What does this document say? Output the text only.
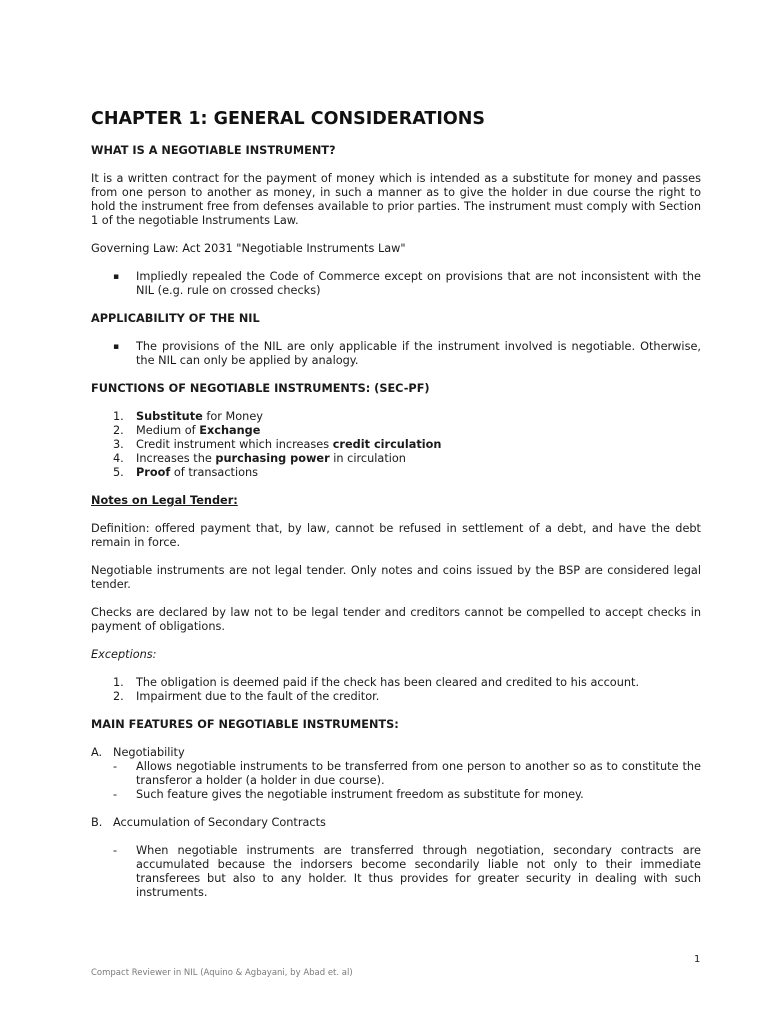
CHAPTER 1: GENERAL CONSIDERATIONS
WHAT IS A NEGOTIABLE INSTRUMENT?

It is a written contract for the payment of money which is intended as a substitute for money and passes from one person to another as money, in such a manner as to give the holder in due course the right to hold the instrument free from defenses available to prior parties. The instrument must comply with Section 1 of the negotiable Instruments Law.

Governing Law: Act 2031 "Negotiable Instruments Law"

▪ Impliedly repealed the Code of Commerce except on provisions that are not inconsistent with the NIL (e.g. rule on crossed checks)
APPLICABILITY OF THE NIL
▪ The provisions of the NIL are only applicable if the instrument involved is negotiable. Otherwise, the NIL can only be applied by analogy.
FUNCTIONS OF NEGOTIABLE INSTRUMENTS: (SEC-PF)
1. Substitute for Money
2. Medium of Exchange
3. Credit instrument which increases credit circulation
4. Increases the purchasing power in circulation
5. Proof of transactions

Notes on Legal Tender:

Definition: offered payment that, by law, cannot be refused in settlement of a debt, and have the debt remain in force.

Negotiable instruments are not legal tender. Only notes and coins issued by the BSP are considered legal tender.

Checks are declared by law not to be legal tender and creditors cannot be compelled to accept checks in payment of obligations.

Exceptions:

1. The obligation is deemed paid if the check has been cleared and credited to his account.
2. Impairment due to the fault of the creditor.
MAIN FEATURES OF NEGOTIABLE INSTRUMENTS:

A. Negotiability

- Allows negotiable instruments to be transferred from one person to another so as to constitute the transferor a holder (a holder in due course).
- Such feature gives the negotiable instrument freedom as substitute for money.

B. Accumulation of Secondary Contracts

- When negotiable instruments are transferred through negotiation, secondary contracts are accumulated because the indorsers become secondarily liable not only to their immediate transferees but also to any holder. It thus provides for greater security in dealing with such instruments.
1
Compact Reviewer in NIL (Aquino & Agbayani, by Abad et. al)
